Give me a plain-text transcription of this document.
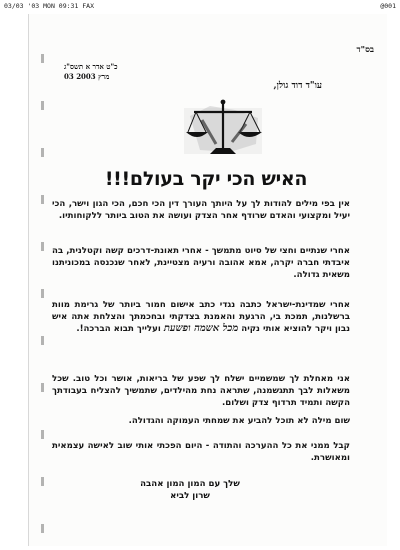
03/03 '03 MON 09:31 FAX	@001
בס"ד
כ"ט אדר א תשס"ג
03 מרץ 2003
עו"ד דוד גולן,
האיש הכי יקר בעולם!!!

אין בפי מילים להודות לך על היותך העורך דין הכי חכם, הכי הגון וישר, הכי יעיל ומקצועי והאדם שרודף אחר הצדק ועושה את הטוב ביותר ללקוחותיו.

אחרי שנתיים וחצי של סיוט מתמשך - אחרי תאונת-דרכים קשה וקטלנית, בה איבדתי חברה יקרה, אמא אהובה ורעיה מצטיינת, לאחר שנכנסה במכוניתנו משאית גדולה.

אחרי שמדינת-ישראל כתבה נגדי כתב אישום חמור ביותר של גרימת מוות ברשלנות, תמכת בי, הרגעת והאמנת בצדקתי ובחכמתך והצלחת אתה איש נבון ויקר להוציא אותי נקיה מכל אשמה ופשעת ועלייך תבוא הברכה!.

אני מאחלת לך שמשמיים ישלח לך שפע של בריאות, אושר וכל טוב. שכל משאלות לבך תתגשמנה, שתראה נחת מהילדים, שתמשיך להצליח בעבודתך הקשה ותמיד תרדוף צדק ושלום.

שום מילה לא תוכל להביע את שמחתי העמוקה והגדולה.

קבל ממני את כל ההערכה והתודה - היום הפכתי אותי שוב לאישה עצמאית ומאושרת.

שלך עם המון המון אהבה
שרון לביא
